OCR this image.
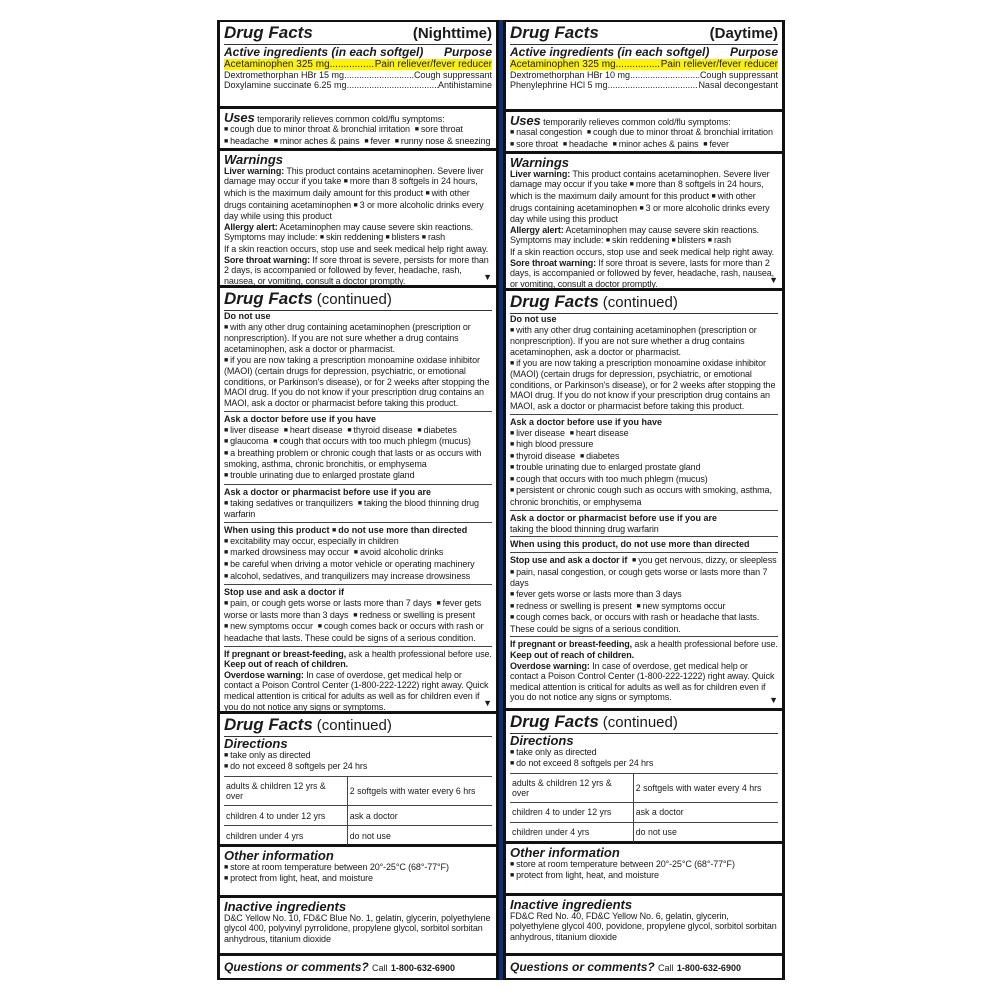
Drug Facts	(Nighttime)
Active ingredients (in each softgel) Purpose
Acetaminophen 325 mg .....	Pain reliever/fever reducer
Dextromethorphan HBr 15 mg .....	Cough suppressant
Doxylamine succinate 6.25 mg .....	Antihistamine
Uses temporarily relieves common cold/flu symptoms:
■ cough due to minor throat & bronchial irritation ■ sore throat
■ headache ■ minor aches & pains ■ fever ■ runny nose & sneezing
Warnings
Liver warning: This product contains acetaminophen. Severe liver damage may occur if you take ■ more than 8 softgels in 24 hours, which is the maximum daily amount for this product ■ with other drugs containing acetaminophen ■ 3 or more alcoholic drinks every day while using this product
Allergy alert: Acetaminophen may cause severe skin reactions. Symptoms may include: ■ skin reddening ■ blisters ■ rash
If a skin reaction occurs, stop use and seek medical help right away.
Sore throat warning: If sore throat is severe, persists for more than 2 days, is accompanied or followed by fever, headache, rash, nausea, or vomiting, consult a doctor promptly.	▼
Drug Facts (continued)
Do not use
■ with any other drug containing acetaminophen (prescription or nonprescription). If you are not sure whether a drug contains acetaminophen, ask a doctor or pharmacist.
■ if you are now taking a prescription monoamine oxidase inhibitor (MAOI) (certain drugs for depression, psychiatric, or emotional conditions, or Parkinson's disease), or for 2 weeks after stopping the MAOI drug. If you do not know if your prescription drug contains an MAOI, ask a doctor or pharmacist before taking this product.
Ask a doctor before use if you have
■ liver disease ■ heart disease ■ thyroid disease ■ diabetes
■ glaucoma ■ cough that occurs with too much phlegm (mucus)
■ a breathing problem or chronic cough that lasts or as occurs with smoking, asthma, chronic bronchitis, or emphysema
■ trouble urinating due to enlarged prostate gland
Ask a doctor or pharmacist before use if you are
■ taking sedatives or tranquilizers ■ taking the blood thinning drug warfarin
When using this product ■ do not use more than directed
■ excitability may occur, especially in children
■ marked drowsiness may occur ■ avoid alcoholic drinks
■ be careful when driving a motor vehicle or operating machinery
■ alcohol, sedatives, and tranquilizers may increase drowsiness
Stop use and ask a doctor if
■ pain, or cough gets worse or lasts more than 7 days ■ fever gets worse or lasts more than 3 days ■ redness or swelling is present ■ new symptoms occur ■ cough comes back or occurs with rash or headache that lasts. These could be signs of a serious condition.
If pregnant or breast-feeding, ask a health professional before use.
Keep out of reach of children.
Overdose warning: In case of overdose, get medical help or contact a Poison Control Center (1-800-222-1222) right away. Quick medical attention is critical for adults as well as for children even if you do not notice any signs or symptoms.	▼
Drug Facts (continued)
Directions
■ take only as directed
■ do not exceed 8 softgels per 24 hrs
adults & children 12 yrs & over	2 softgels with water every 6 hrs
children 4 to under 12 yrs	ask a doctor
children under 4 yrs	do not use
Other information
■ store at room temperature between 20°-25°C (68°-77°F)
■ protect from light, heat, and moisture
Inactive ingredients
D&C Yellow No. 10, FD&C Blue No. 1, gelatin, glycerin, polyethylene glycol 400, polyvinyl pyrrolidone, propylene glycol, sorbitol sorbitan anhydrous, titanium dioxide
Questions or comments? Call 1-800-632-6900
Drug Facts	(Daytime)
Active ingredients (in each softgel) Purpose
Acetaminophen 325 mg .....	Pain reliever/fever reducer
Dextromethorphan HBr 10 mg .....	Cough suppressant
Phenylephrine HCl 5 mg .....	Nasal decongestant
Uses temporarily relieves common cold/flu symptoms:
■ nasal congestion ■ cough due to minor throat & bronchial irritation
■ sore throat ■ headache ■ minor aches & pains ■ fever
Warnings
Liver warning: This product contains acetaminophen. Severe liver damage may occur if you take ■ more than 8 softgels in 24 hours, which is the maximum daily amount for this product ■ with other drugs containing acetaminophen ■ 3 or more alcoholic drinks every day while using this product
Allergy alert: Acetaminophen may cause severe skin reactions. Symptoms may include: ■ skin reddening ■ blisters ■ rash
If a skin reaction occurs, stop use and seek medical help right away.
Sore throat warning: If sore throat is severe, lasts for more than 2 days, is accompanied or followed by fever, headache, rash, nausea, or vomiting, consult a doctor promptly.	▼
Drug Facts (continued)
Do not use
■ with any other drug containing acetaminophen (prescription or nonprescription). If you are not sure whether a drug contains acetaminophen, ask a doctor or pharmacist.
■ if you are now taking a prescription monoamine oxidase inhibitor (MAOI) (certain drugs for depression, psychiatric, or emotional conditions, or Parkinson's disease), or for 2 weeks after stopping the MAOI drug. If you do not know if your prescription drug contains an MAOI, ask a doctor or pharmacist before taking this product.
Ask a doctor before use if you have
■ liver disease ■ heart disease
■ high blood pressure
■ thyroid disease ■ diabetes
■ trouble urinating due to enlarged prostate gland
■ cough that occurs with too much phlegm (mucus)
■ persistent or chronic cough such as occurs with smoking, asthma, chronic bronchitis, or emphysema
Ask a doctor or pharmacist before use if you are
taking the blood thinning drug warfarin
When using this product, do not use more than directed
Stop use and ask a doctor if ■ you get nervous, dizzy, or sleepless
■ pain, nasal congestion, or cough gets worse or lasts more than 7 days
■ fever gets worse or lasts more than 3 days
■ redness or swelling is present ■ new symptoms occur
■ cough comes back, or occurs with rash or headache that lasts.
These could be signs of a serious condition.
If pregnant or breast-feeding, ask a health professional before use.
Keep out of reach of children.
Overdose warning: In case of overdose, get medical help or contact a Poison Control Center (1-800-222-1222) right away. Quick medical attention is critical for adults as well as for children even if you do not notice any signs or symptoms.	▼
Drug Facts (continued)
Directions
■ take only as directed
■ do not exceed 8 softgels per 24 hrs
adults & children 12 yrs & over	2 softgels with water every 4 hrs
children 4 to under 12 yrs	ask a doctor
children under 4 yrs	do not use
Other information
■ store at room temperature between 20°-25°C (68°-77°F)
■ protect from light, heat, and moisture
Inactive ingredients
FD&C Red No. 40, FD&C Yellow No. 6, gelatin, glycerin, polyethylene glycol 400, povidone, propylene glycol, sorbitol sorbitan anhydrous, titanium dioxide
Questions or comments? Call 1-800-632-6900
